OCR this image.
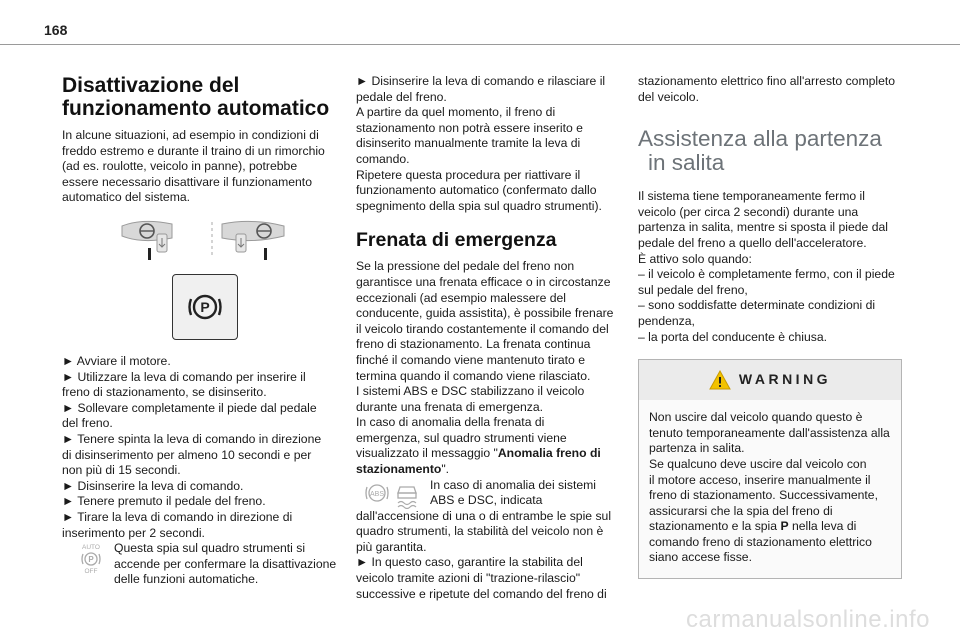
168
Disattivazione del
funzionamento automatico

In alcune situazioni, ad esempio in condizioni di
freddo estremo e durante il traino di un rimorchio
(ad es. roulotte, veicolo in panne), potrebbe
essere necessario disattivare il funzionamento
automatico del sistema.

P

► Avviare il motore.
► Utilizzare la leva di comando per inserire il
freno di stazionamento, se disinserito.
► Sollevare completamente il piede dal pedale
del freno.
► Tenere spinta la leva di comando in direzione
di disinserimento per almeno 10 secondi e per
non più di 15 secondi.
► Disinserire la leva di comando.
► Tenere premuto il pedale del freno.
► Tirare la leva di comando in direzione di
inserimento per 2 secondi.

AUTO
P
OFF
Questa spia sul quadro strumenti si
accende per confermare la disattivazione
delle funzioni automatiche.

► Disinserire la leva di comando e rilasciare il
pedale del freno.
A partire da quel momento, il freno di
stazionamento non potrà essere inserito e
disinserito manualmente tramite la leva di
comando.
Ripetere questa procedura per riattivare il
funzionamento automatico (confermato dallo
spegnimento della spia sul quadro strumenti).

Frenata di emergenza

Se la pressione del pedale del freno non
garantisce una frenata efficace o in circostanze
eccezionali (ad esempio malessere del
conducente, guida assistita), è possibile frenare
il veicolo tirando costantemente il comando del
freno di stazionamento. La frenata continua
finché il comando viene mantenuto tirato e
termina quando il comando viene rilasciato.
I sistemi ABS e DSC stabilizzano il veicolo
durante una frenata di emergenza.
In caso di anomalia della frenata di
emergenza, sul quadro strumenti viene
visualizzato il messaggio "Anomalia freno di
stazionamento".

ABS
In caso di anomalia dei sistemi
ABS e DSC, indicata
dall'accensione di una o di entrambe le spie sul
quadro strumenti, la stabilità del veicolo non è
più garantita.
► In questo caso, garantire la stabilita del
veicolo tramite azioni di "trazione-rilascio"
successive e ripetute del comando del freno di

stazionamento elettrico fino all'arresto completo
del veicolo.

Assistenza alla partenza
in salita

Il sistema tiene temporaneamente fermo il
veicolo (per circa 2 secondi) durante una
partenza in salita, mentre si sposta il piede dal
pedale del freno a quello dell'acceleratore.
È attivo solo quando:
– il veicolo è completamente fermo, con il piede
sul pedale del freno,
– sono soddisfatte determinate condizioni di
pendenza,
– la porta del conducente è chiusa.

WARNING
Non uscire dal veicolo quando questo è
tenuto temporaneamente dall'assistenza alla
partenza in salita.
Se qualcuno deve uscire dal veicolo con
il motore acceso, inserire manualmente il
freno di stazionamento. Successivamente,
assicurarsi che la spia del freno di
stazionamento e la spia P nella leva di
comando freno di stazionamento elettrico
siano accese fisse.
carmanualsonline.info
